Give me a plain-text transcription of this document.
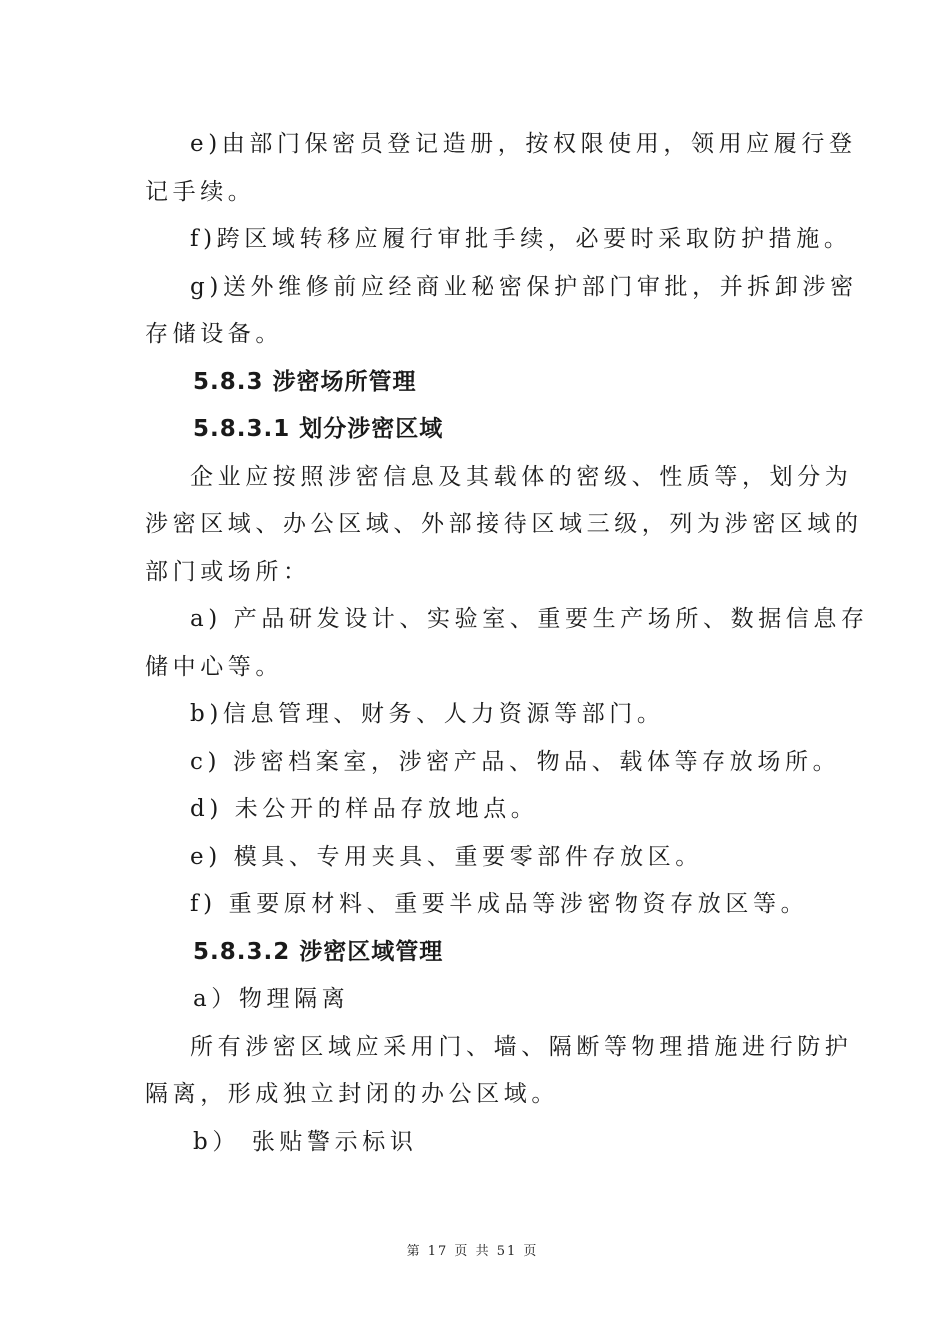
e)由部门保密员登记造册，按权限使用，领用应履行登
记手续。
f)跨区域转移应履行审批手续，必要时采取防护措施。
g)送外维修前应经商业秘密保护部门审批，并拆卸涉密
存储设备。
5.8.3 涉密场所管理
5.8.3.1 划分涉密区域
企业应按照涉密信息及其载体的密级、性质等，划分为
涉密区域、办公区域、外部接待区域三级，列为涉密区域的
部门或场所：
a) 产品研发设计、实验室、重要生产场所、数据信息存
储中心等。
b)信息管理、财务、人力资源等部门。
c) 涉密档案室，涉密产品、物品、载体等存放场所。
d) 未公开的样品存放地点。
e) 模具、专用夹具、重要零部件存放区。
f) 重要原材料、重要半成品等涉密物资存放区等。
5.8.3.2 涉密区域管理
a）物理隔离
所有涉密区域应采用门、墙、隔断等物理措施进行防护
隔离，形成独立封闭的办公区域。
b） 张贴警示标识
第 17 页 共 51 页
